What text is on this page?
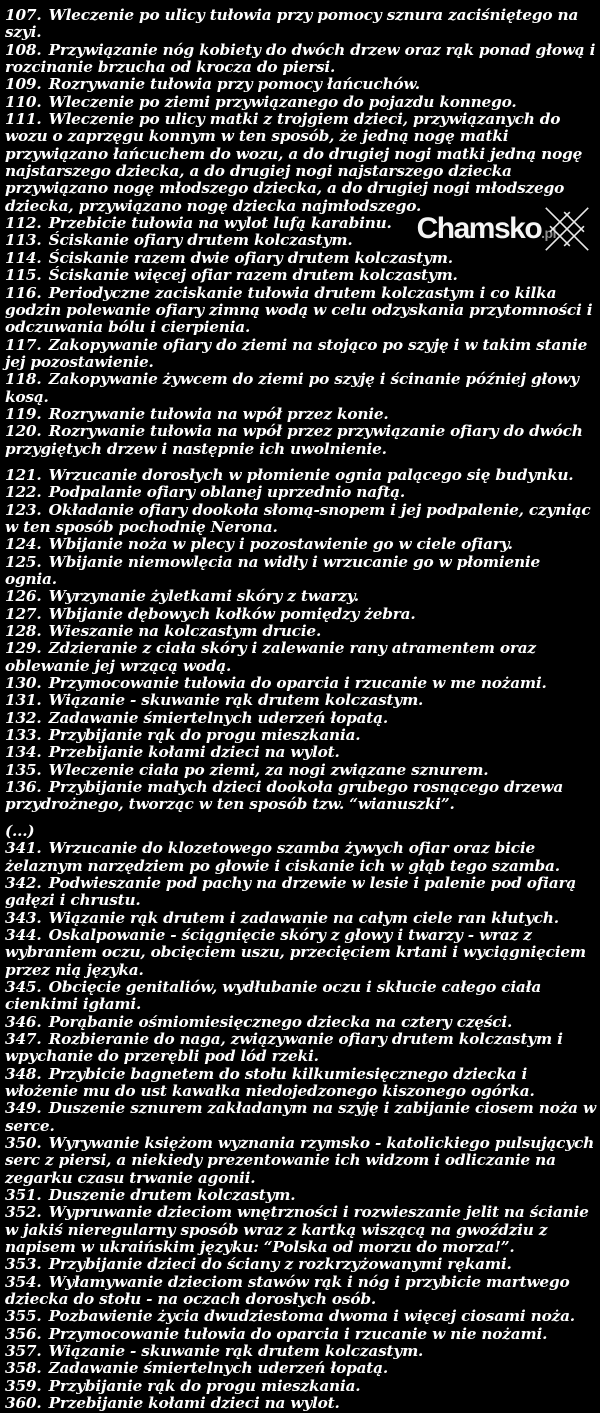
107. Wleczenie po ulicy tułowia przy pomocy sznura zaciśniętego na szyi.

108. Przywiązanie nóg kobiety do dwóch drzew oraz rąk ponad głową i rozcinanie brzucha od krocza do piersi.

109. Rozrywanie tułowia przy pomocy łańcuchów.

110. Wleczenie po ziemi przywiązanego do pojazdu konnego.

111. Wleczenie po ulicy matki z trojgiem dzieci, przywiązanych do wozu o zaprzęgu konnym w ten sposób, że jedną nogę matki przywiązano łańcuchem do wozu, a do drugiej nogi matki jedną nogę najstarszego dziecka, a do drugiej nogi najstarszego dziecka przywiązano nogę młodszego dziecka, a do drugiej nogi młodszego dziecka, przywiązano nogę dziecka najmłodszego.

112. Przebicie tułowia na wylot lufą karabinu.

113. Ściskanie ofiary drutem kolczastym.

114. Ściskanie razem dwie ofiary drutem kolczastym.

115. Ściskanie więcej ofiar razem drutem kolczastym.

116. Periodyczne zaciskanie tułowia drutem kolczastym i co kilka godzin polewanie ofiary zimną wodą w celu odzyskania przytomności i odczuwania bólu i cierpienia.

117. Zakopywanie ofiary do ziemi na stojąco po szyję i w takim stanie jej pozostawienie.

118. Zakopywanie żywcem do ziemi po szyję i ścinanie później głowy kosą.

119. Rozrywanie tułowia na wpół przez konie.

120. Rozrywanie tułowia na wpół przez przywiązanie ofiary do dwóch przygiętych drzew i następnie ich uwolnienie.

121. Wrzucanie dorosłych w płomienie ognia palącego się budynku.

122. Podpalanie ofiary oblanej uprzednio naftą.

123. Okładanie ofiary dookoła słomą-snopem i jej podpalenie, czyniąc w ten sposób pochodnię Nerona.

124. Wbijanie noża w plecy i pozostawienie go w ciele ofiary.

125. Wbijanie niemowlęcia na widły i wrzucanie go w płomienie ognia.

126. Wyrzynanie żyletkami skóry z twarzy.

127. Wbijanie dębowych kołków pomiędzy żebra.

128. Wieszanie na kolczastym drucie.

129. Zdzieranie z ciała skóry i zalewanie rany atramentem oraz oblewanie jej wrzącą wodą.

130. Przymocowanie tułowia do oparcia i rzucanie w me nożami.

131. Wiązanie - skuwanie rąk drutem kolczastym.

132. Zadawanie śmiertelnych uderzeń łopatą.

133. Przybijanie rąk do progu mieszkania.

134. Przebijanie kołami dzieci na wylot.

135. Wleczenie ciała po ziemi, za nogi związane sznurem.

136. Przybijanie małych dzieci dookoła grubego rosnącego drzewa przydrożnego, tworząc w ten sposób tzw. “wianuszki”.

(...)

341. Wrzucanie do klozetowego szamba żywych ofiar oraz bicie żelaznym narzędziem po głowie i ciskanie ich w głąb tego szamba.

342. Podwieszanie pod pachy na drzewie w lesie i palenie pod ofiarą gałęzi i chrustu.

343. Wiązanie rąk drutem i zadawanie na całym ciele ran kłutych.

344. Oskalpowanie - ściągnięcie skóry z głowy i twarzy - wraz z wybraniem oczu, obcięciem uszu, przecięciem krtani i wyciągnięciem przez nią języka.

345. Obcięcie genitaliów, wydłubanie oczu i skłucie całego ciała cienkimi igłami.

346. Porąbanie ośmiomiesięcznego dziecka na cztery części.

347. Rozbieranie do naga, związywanie ofiary drutem kolczastym i wpychanie do przerębli pod lód rzeki.

348. Przybicie bagnetem do stołu kilkumiesięcznego dziecka i włożenie mu do ust kawałka niedojedzonego kiszonego ogórka.

349. Duszenie sznurem zakładanym na szyję i zabijanie ciosem noża w serce.

350. Wyrywanie księżom wyznania rzymsko - katolickiego pulsujących serc z piersi, a niekiedy prezentowanie ich widzom i odliczanie na zegarku czasu trwanie agonii.

351. Duszenie drutem kolczastym.

352. Wypruwanie dzieciom wnętrzności i rozwieszanie jelit na ścianie w jakiś nieregularny sposób wraz z kartką wiszącą na gwoździu z napisem w ukraińskim języku: “Polska od morzu do morza!”.

353. Przybijanie dzieci do ściany z rozkrzyżowanymi rękami.

354. Wyłamywanie dzieciom stawów rąk i nóg i przybicie martwego dziecka do stołu - na oczach dorosłych osób.

355. Pozbawienie życia dwudziestoma dwoma i więcej ciosami noża.

356. Przymocowanie tułowia do oparcia i rzucanie w nie nożami.

357. Wiązanie - skuwanie rąk drutem kolczastym.

358. Zadawanie śmiertelnych uderzeń łopatą.

359. Przybijanie rąk do progu mieszkania.

360. Przebijanie kołami dzieci na wylot.

Chamsko.pl
